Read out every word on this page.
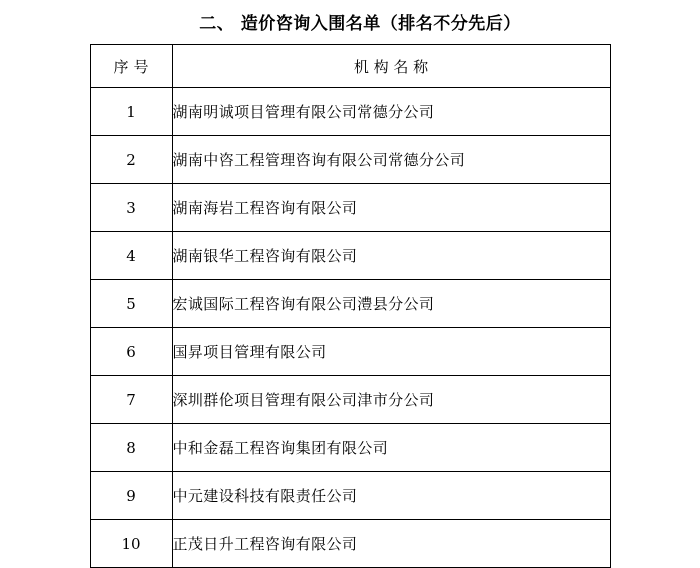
二、 造价咨询入围名单（排名不分先后）
序号	机 构 名 称
1	湖南明诚项目管理有限公司常德分公司
2	湖南中咨工程管理咨询有限公司常德分公司
3	湖南海岩工程咨询有限公司
4	湖南银华工程咨询有限公司
5	宏诚国际工程咨询有限公司澧县分公司
6	国昇项目管理有限公司
7	深圳群伦项目管理有限公司津市分公司
8	中和金磊工程咨询集团有限公司
9	中元建设科技有限责任公司
10	正茂日升工程咨询有限公司
